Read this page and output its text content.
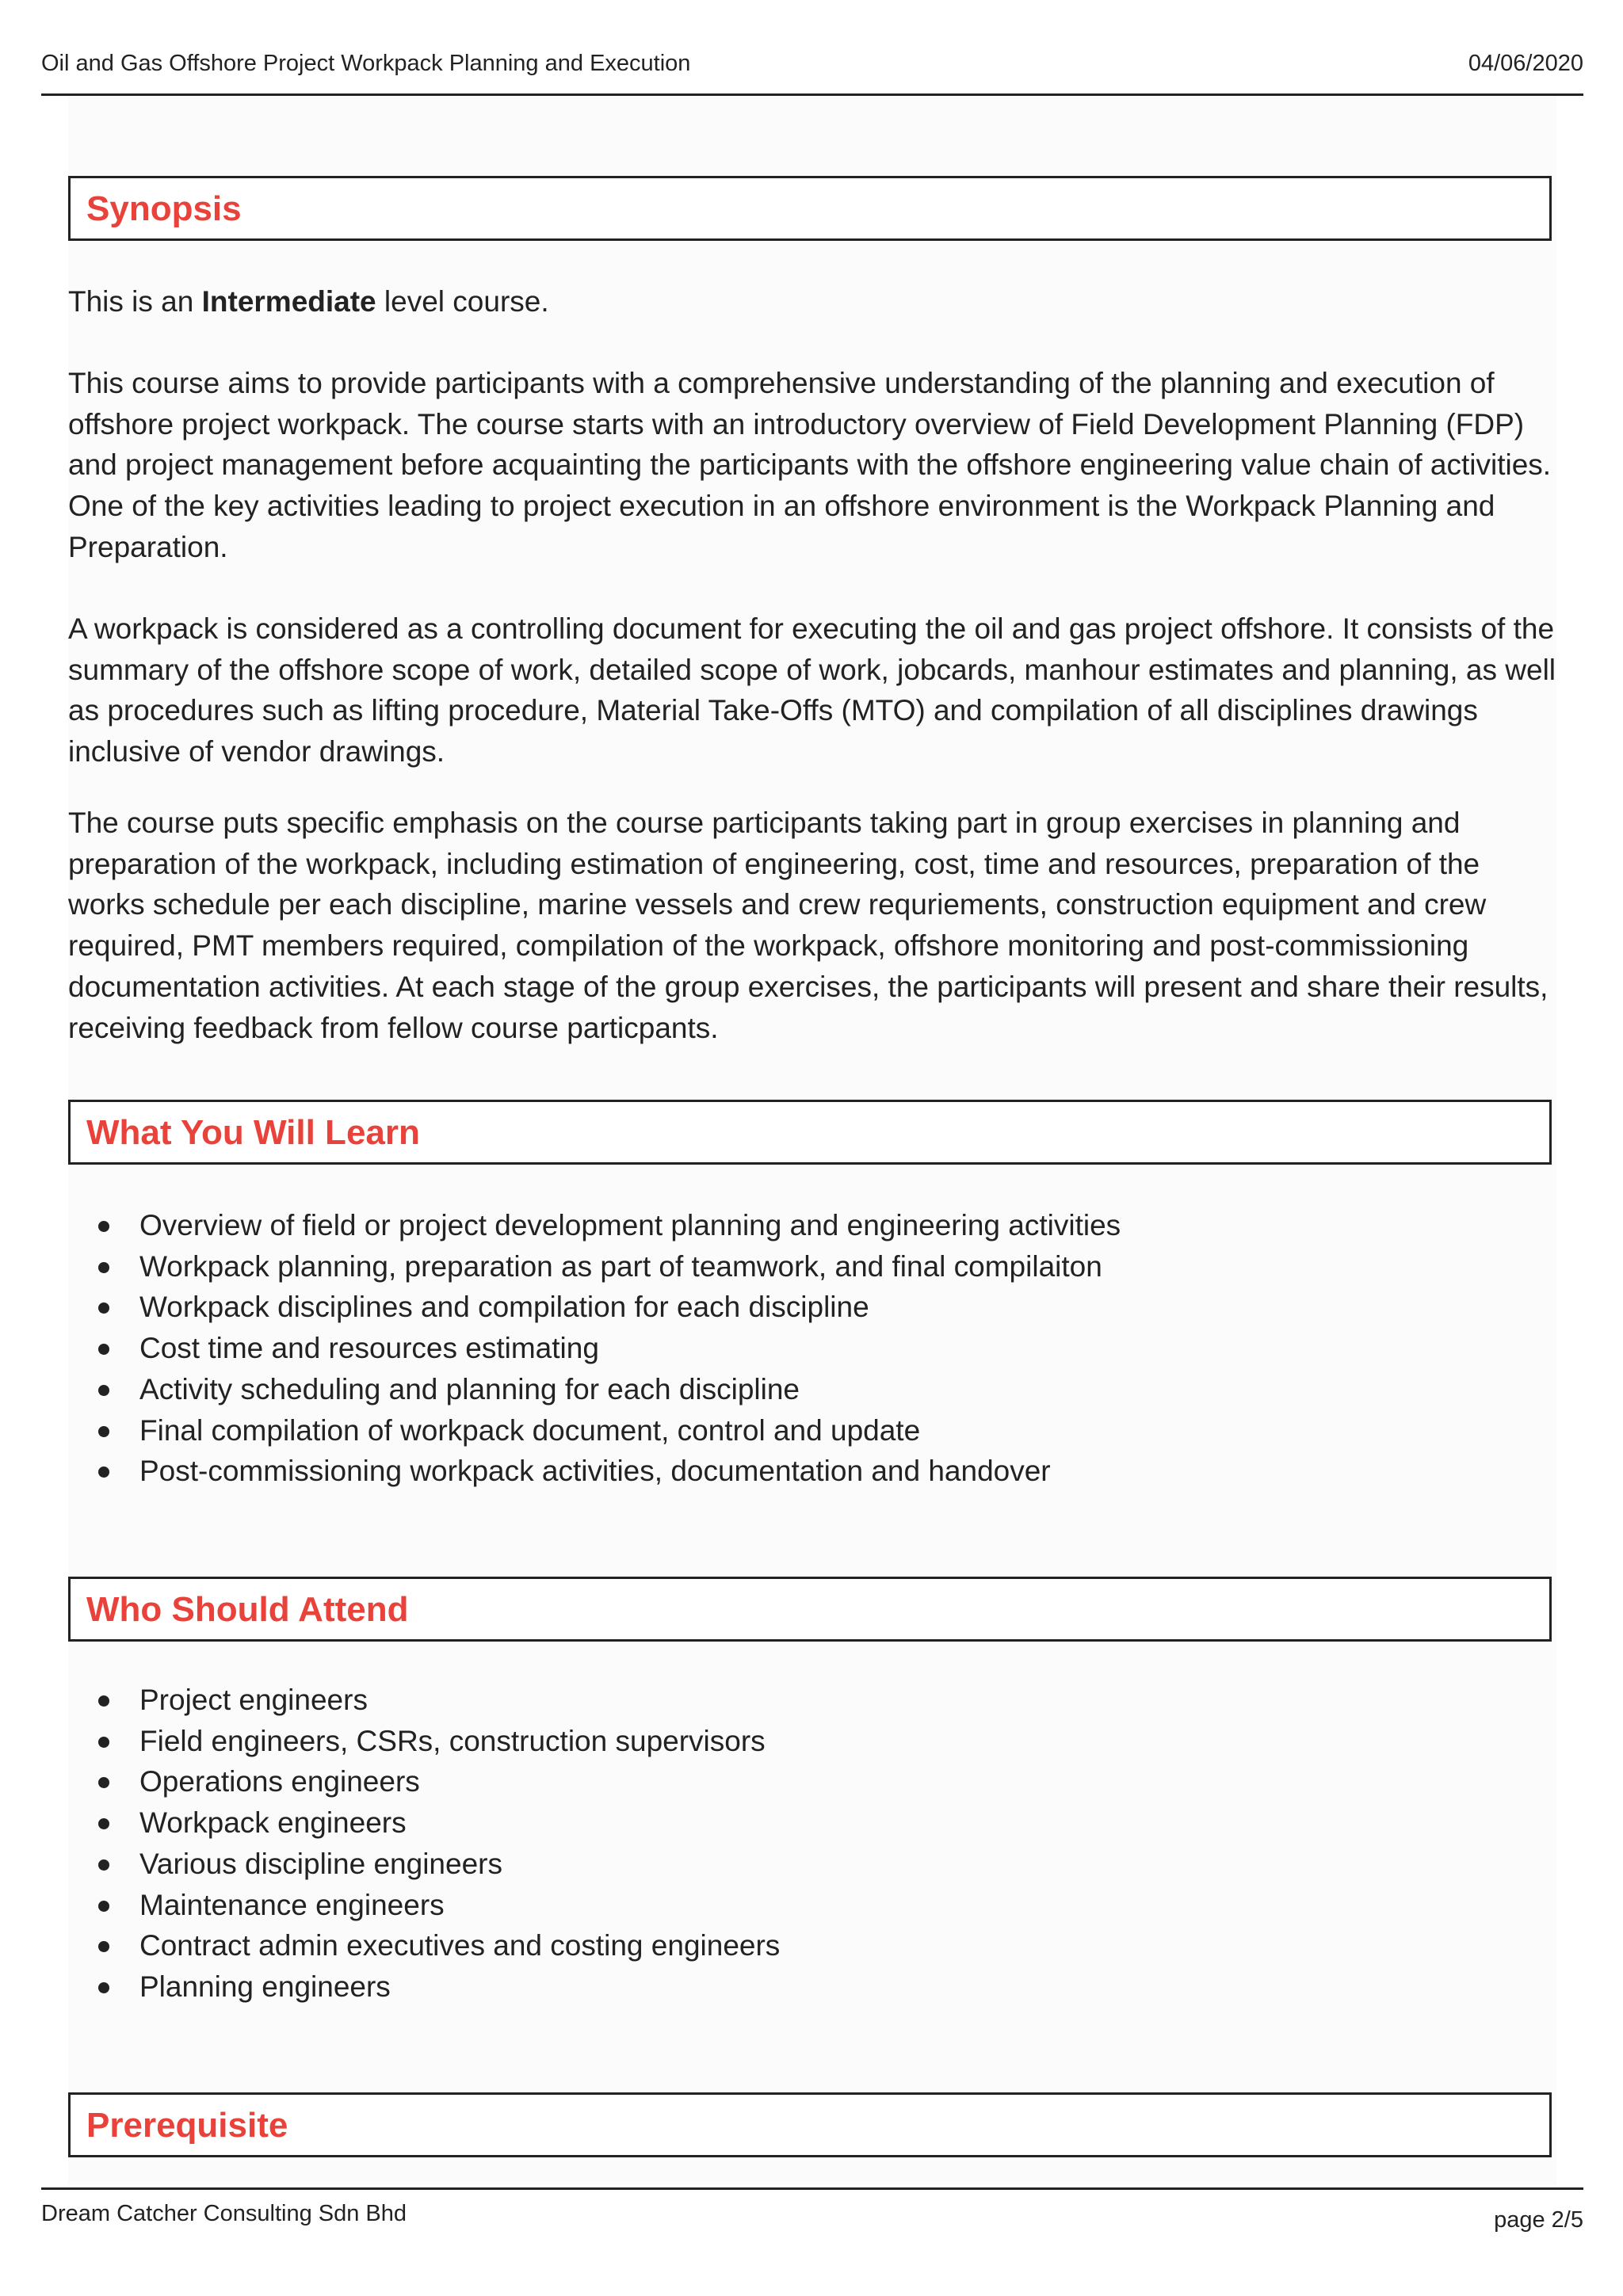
Oil and Gas Offshore Project Workpack Planning and Execution	04/06/2020
Synopsis

This is an Intermediate level course.

This course aims to provide participants with a comprehensive understanding of the planning and execution of offshore project workpack. The course starts with an introductory overview of Field Development Planning (FDP) and project management before acquainting the participants with the offshore engineering value chain of activities. One of the key activities leading to project execution in an offshore environment is the Workpack Planning and Preparation.

A workpack is considered as a controlling document for executing the oil and gas project offshore. It consists of the summary of the offshore scope of work, detailed scope of work, jobcards, manhour estimates and planning, as well as procedures such as lifting procedure, Material Take-Offs (MTO) and compilation of all disciplines drawings inclusive of vendor drawings.

The course puts specific emphasis on the course participants taking part in group exercises in planning and preparation of the workpack, including estimation of engineering, cost, time and resources, preparation of the works schedule per each discipline, marine vessels and crew requriements, construction equipment and crew required, PMT members required, compilation of the workpack, offshore monitoring and post-commissioning documentation activities. At each stage of the group exercises, the participants will present and share their results, receiving feedback from fellow course particpants.

What You Will Learn
Overview of field or project development planning and engineering activities
Workpack planning, preparation as part of teamwork, and final compilaiton
Workpack disciplines and compilation for each discipline
Cost time and resources estimating
Activity scheduling and planning for each discipline
Final compilation of workpack document, control and update
Post-commissioning workpack activities, documentation and handover
Who Should Attend
Project engineers
Field engineers, CSRs, construction supervisors
Operations engineers
Workpack engineers
Various discipline engineers
Maintenance engineers
Contract admin executives and costing engineers
Planning engineers
Prerequisite
Dream Catcher Consulting Sdn Bhd	page 2/5
